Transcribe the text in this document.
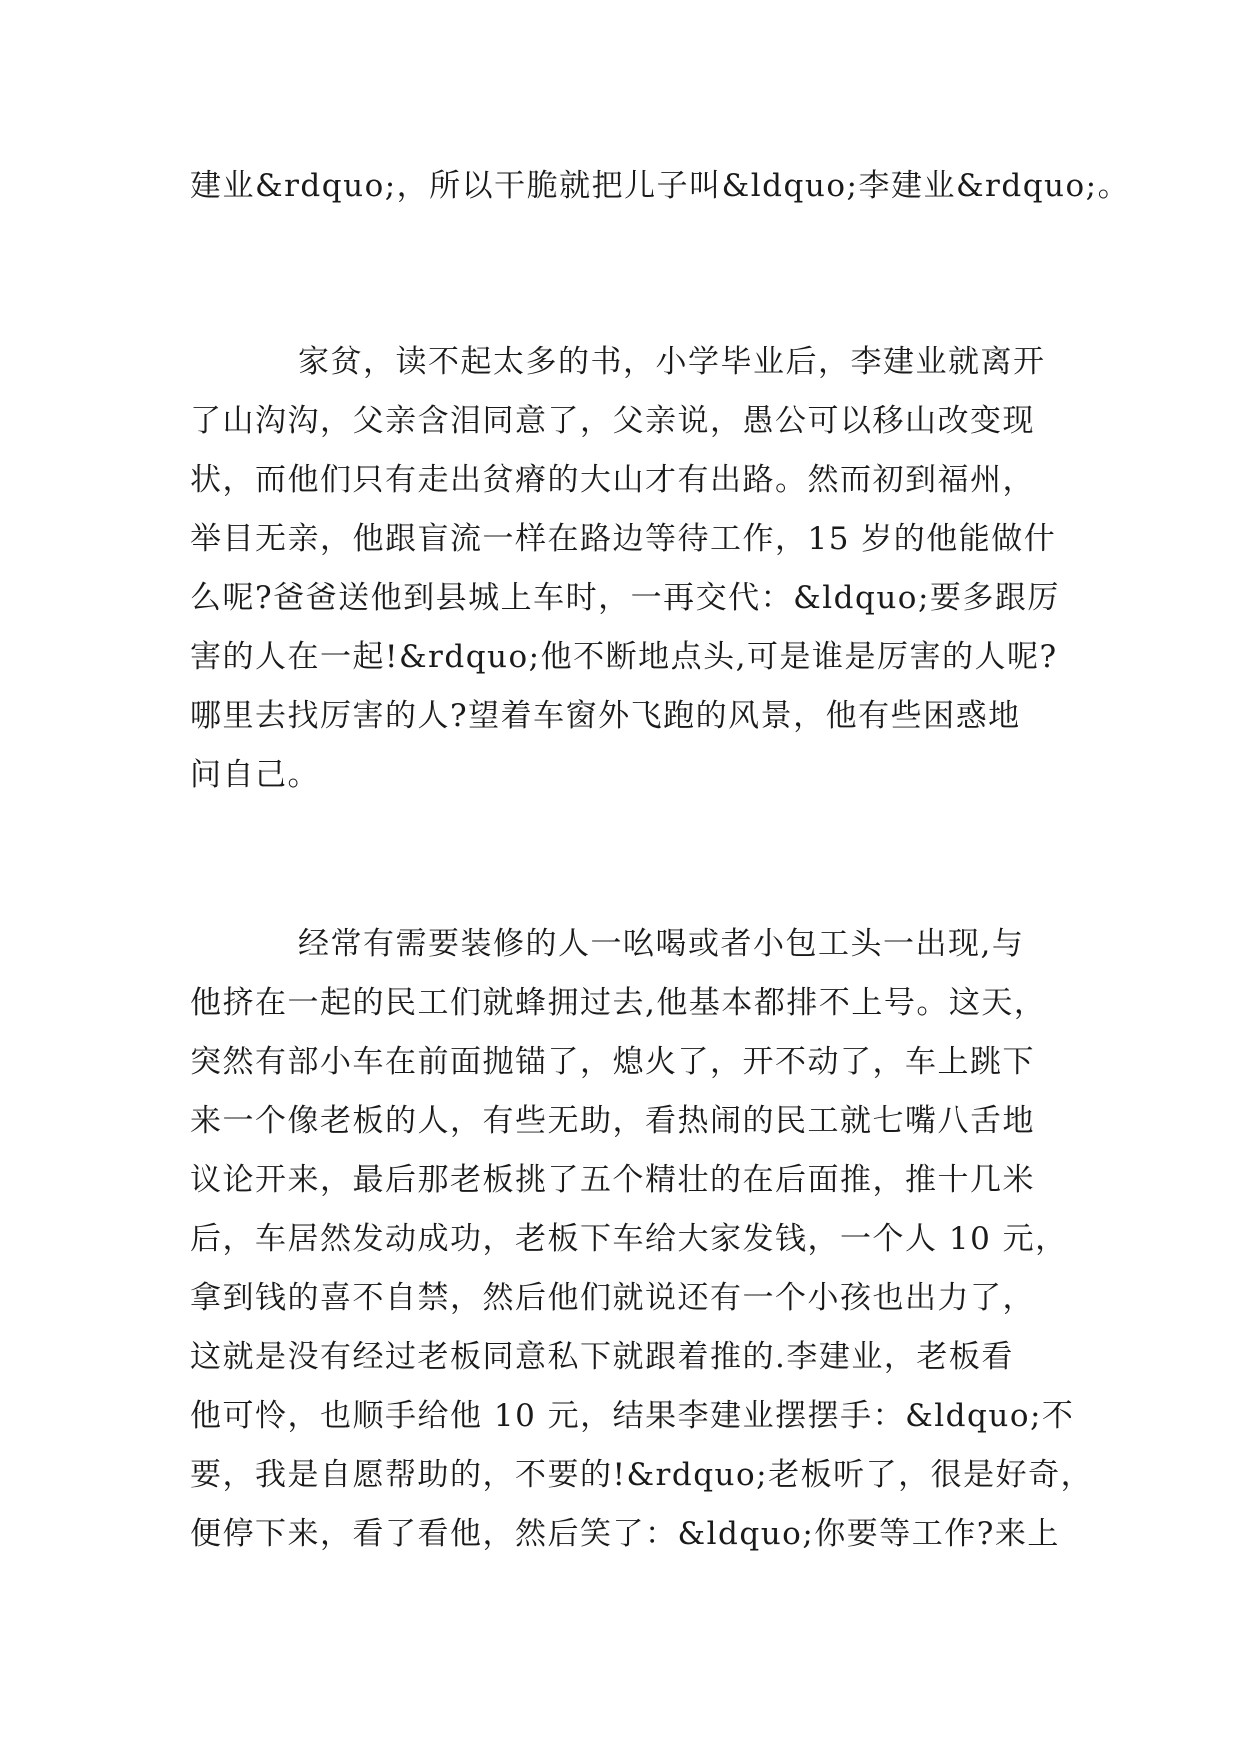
建业&rdquo;，所以干脆就把儿子叫&ldquo;李建业&rdquo;。
家贫，读不起太多的书，小学毕业后，李建业就离开
了山沟沟，父亲含泪同意了，父亲说，愚公可以移山改变现
状，而他们只有走出贫瘠的大山才有出路。然而初到福州，
举目无亲，他跟盲流一样在路边等待工作，15 岁的他能做什
么呢?爸爸送他到县城上车时，一再交代：&ldquo;要多跟厉
害的人在一起!&rdquo;他不断地点头,可是谁是厉害的人呢?
哪里去找厉害的人?望着车窗外飞跑的风景，他有些困惑地
问自己。
经常有需要装修的人一吆喝或者小包工头一出现,与
他挤在一起的民工们就蜂拥过去,他基本都排不上号。这天，
突然有部小车在前面抛锚了，熄火了，开不动了，车上跳下
来一个像老板的人，有些无助，看热闹的民工就七嘴八舌地
议论开来，最后那老板挑了五个精壮的在后面推，推十几米
后，车居然发动成功，老板下车给大家发钱，一个人 10 元，
拿到钱的喜不自禁，然后他们就说还有一个小孩也出力了，
这就是没有经过老板同意私下就跟着推的.李建业，老板看
他可怜，也顺手给他 10 元，结果李建业摆摆手：&ldquo;不
要，我是自愿帮助的，不要的!&rdquo;老板听了，很是好奇，
便停下来，看了看他，然后笑了：&ldquo;你要等工作?来上
